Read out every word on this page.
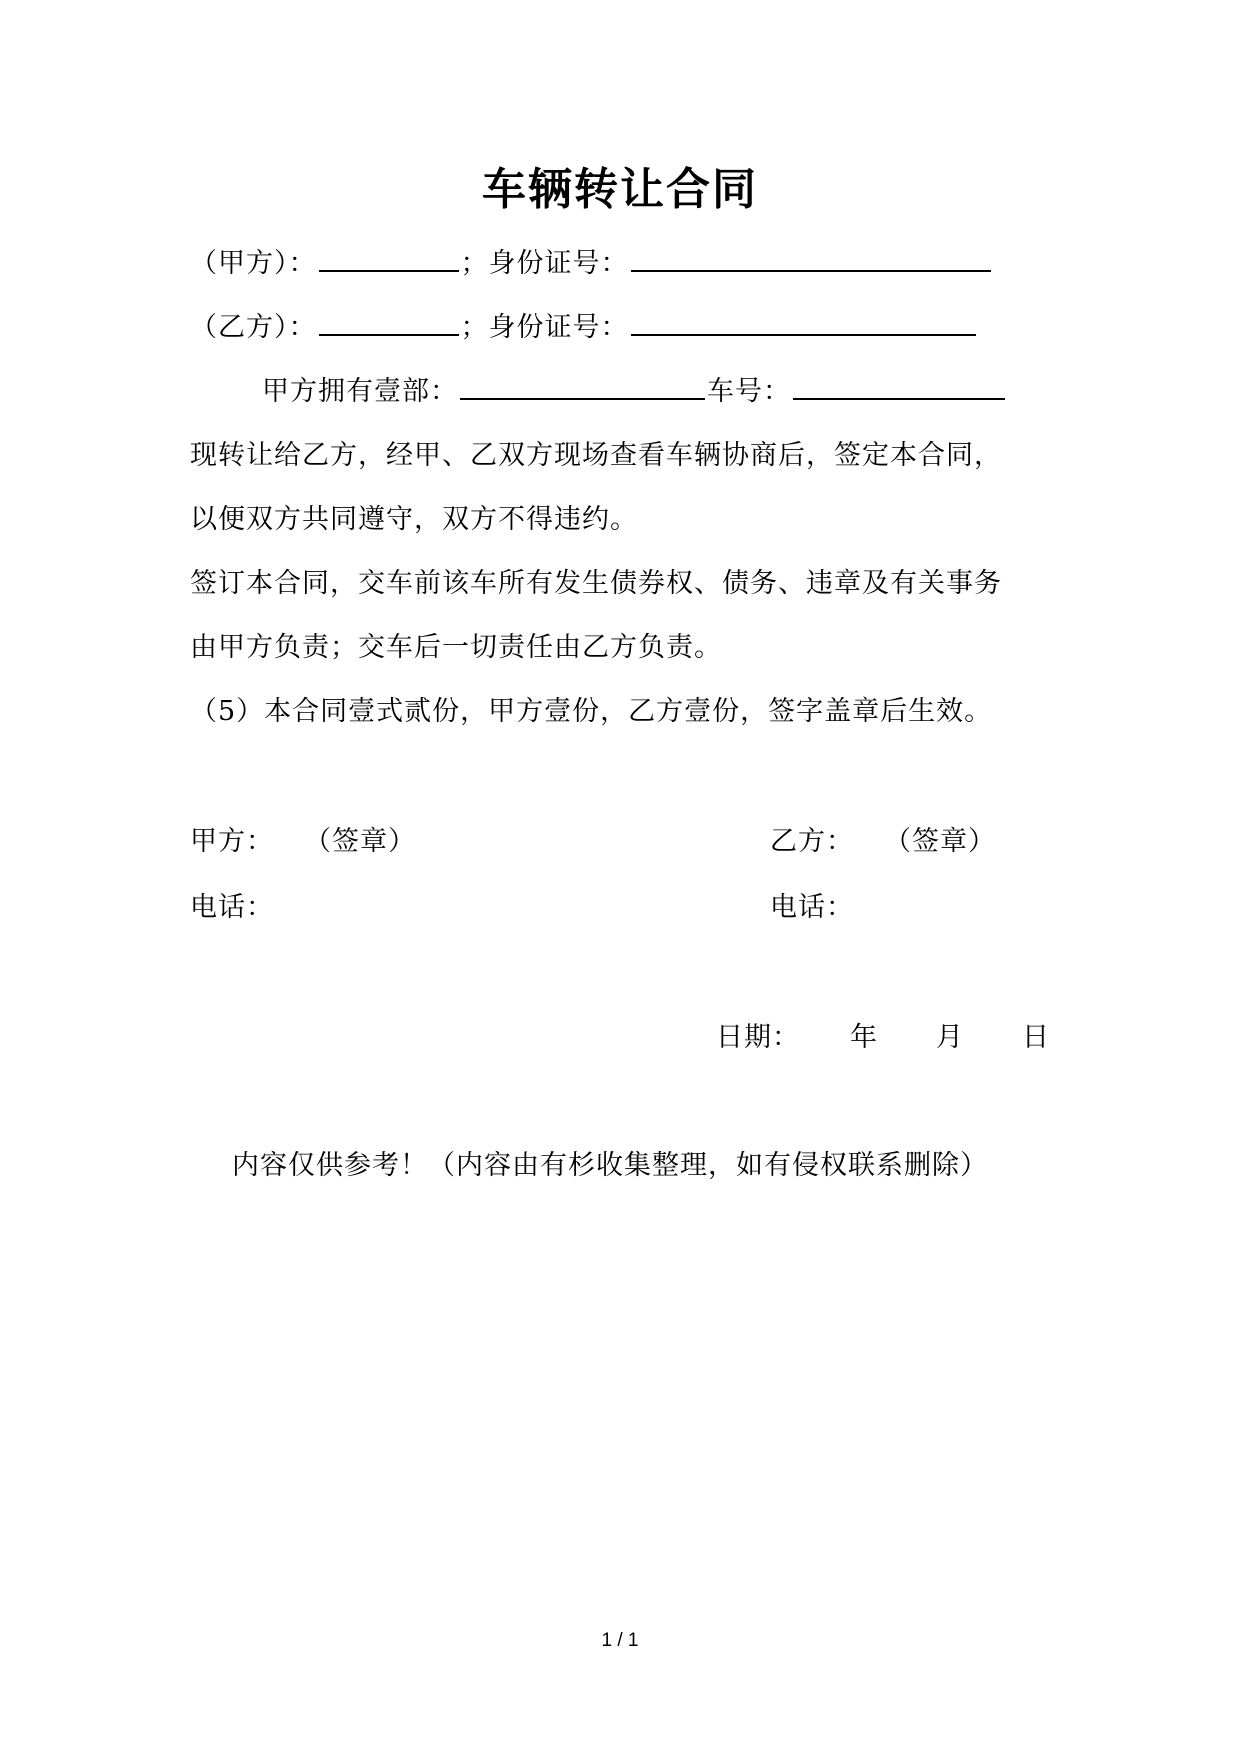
车辆转让合同
（甲方）：	；身份证号：
（乙方）：	；身份证号：
甲方拥有壹部：	车号：
现转让给乙方，经甲、乙双方现场查看车辆协商后，签定本合同，
以便双方共同遵守，双方不得违约。
签订本合同，交车前该车所有发生债券权、债务、违章及有关事务
由甲方负责；交车后一切责任由乙方负责。
（5）本合同壹式贰份，甲方壹份，乙方壹份，签字盖章后生效。
甲方： （签章）	乙方： （签章）
电话：	电话：
日期： 年 月 日
内容仅供参考！（内容由有杉收集整理，如有侵权联系删除）
1 / 1
